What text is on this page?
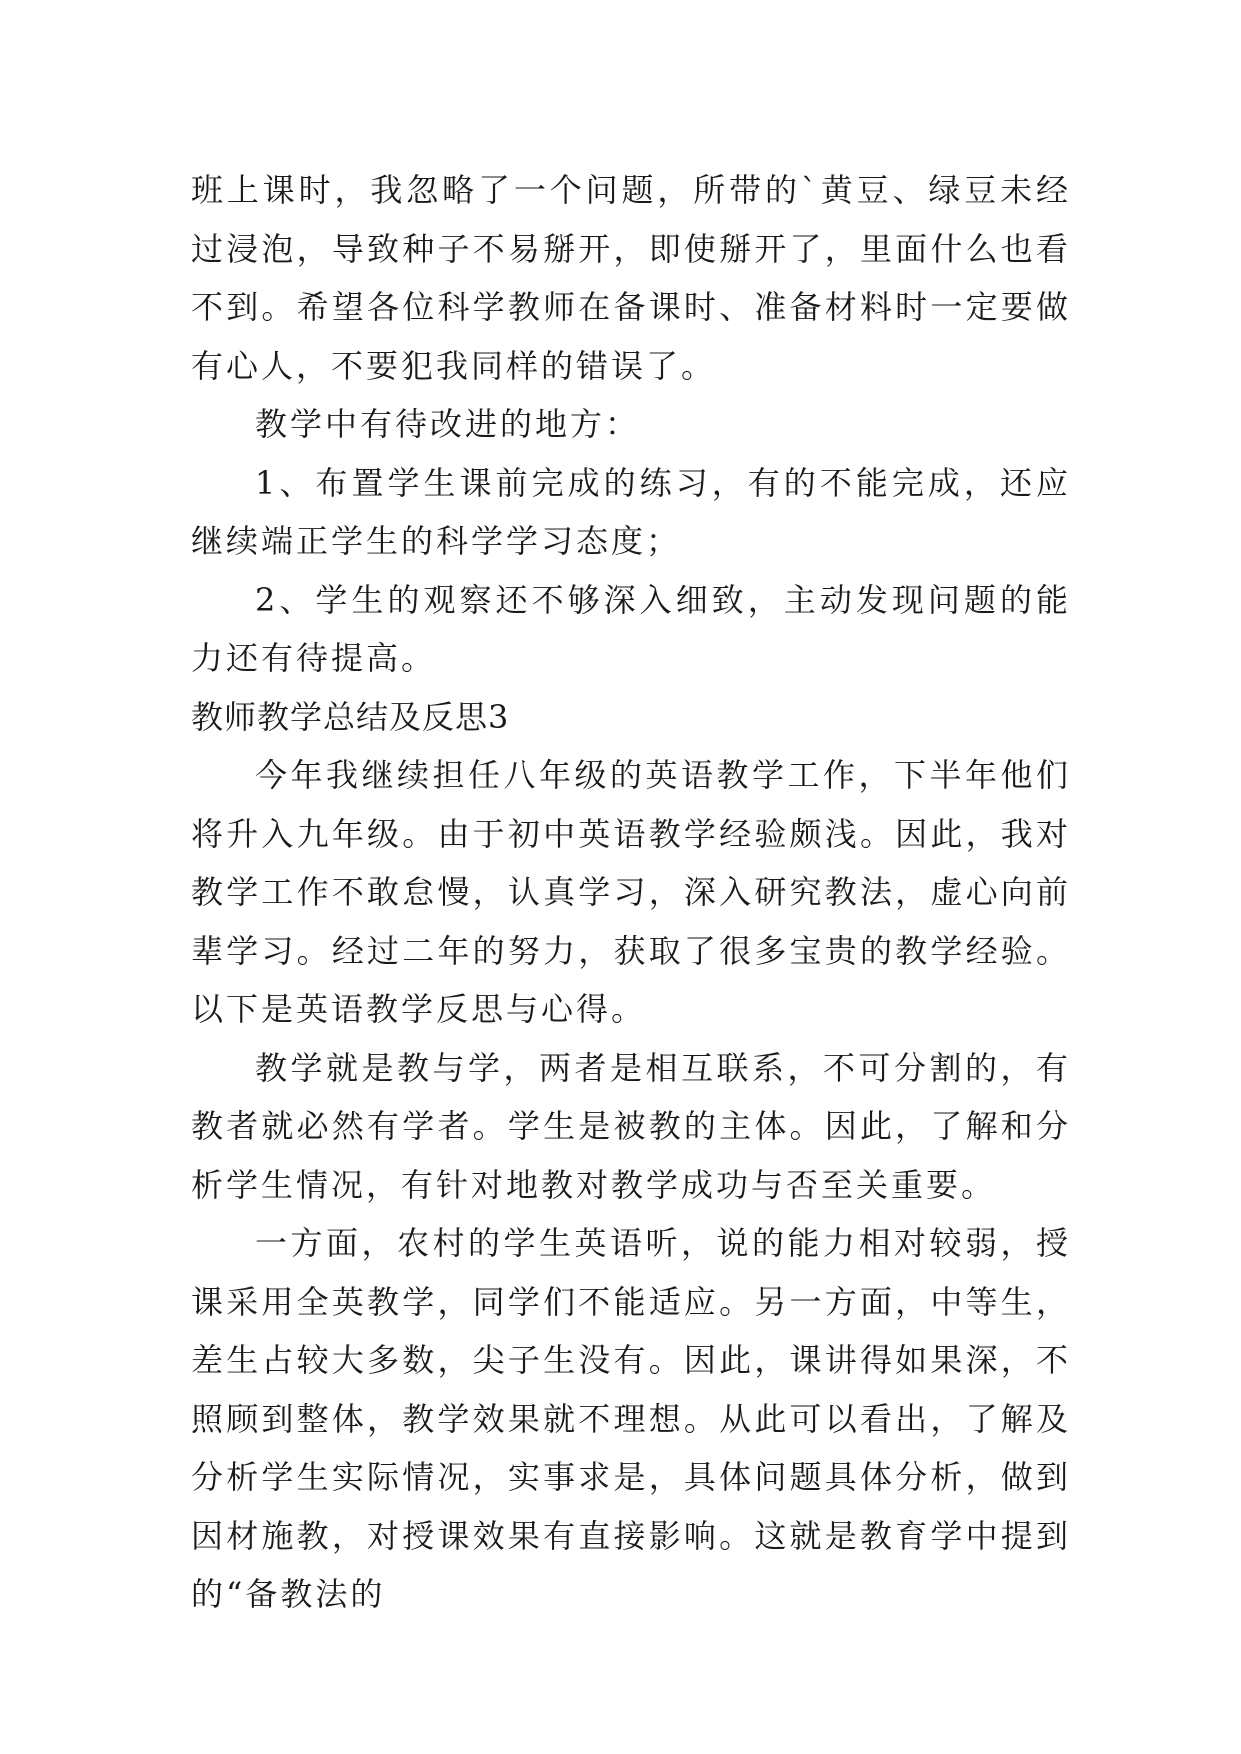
班上课时，我忽略了一个问题，所带的`黄豆、绿豆未经过浸泡，导致种子不易掰开，即使掰开了，里面什么也看不到。希望各位科学教师在备课时、准备材料时一定要做有心人，不要犯我同样的错误了。

教学中有待改进的地方：

1、布置学生课前完成的练习，有的不能完成，还应继续端正学生的科学学习态度；

2、学生的观察还不够深入细致，主动发现问题的能力还有待提高。

教师教学总结及反思3

今年我继续担任八年级的英语教学工作，下半年他们将升入九年级。由于初中英语教学经验颇浅。因此，我对教学工作不敢怠慢，认真学习，深入研究教法，虚心向前辈学习。经过二年的努力，获取了很多宝贵的教学经验。以下是英语教学反思与心得。

教学就是教与学，两者是相互联系，不可分割的，有教者就必然有学者。学生是被教的主体。因此，了解和分析学生情况，有针对地教对教学成功与否至关重要。

一方面，农村的学生英语听，说的能力相对较弱，授课采用全英教学，同学们不能适应。另一方面，中等生，差生占较大多数，尖子生没有。因此，课讲得如果深，不照顾到整体，教学效果就不理想。从此可以看出，了解及分析学生实际情况，实事求是，具体问题具体分析，做到因材施教，对授课效果有直接影响。这就是教育学中提到的“备教法的
